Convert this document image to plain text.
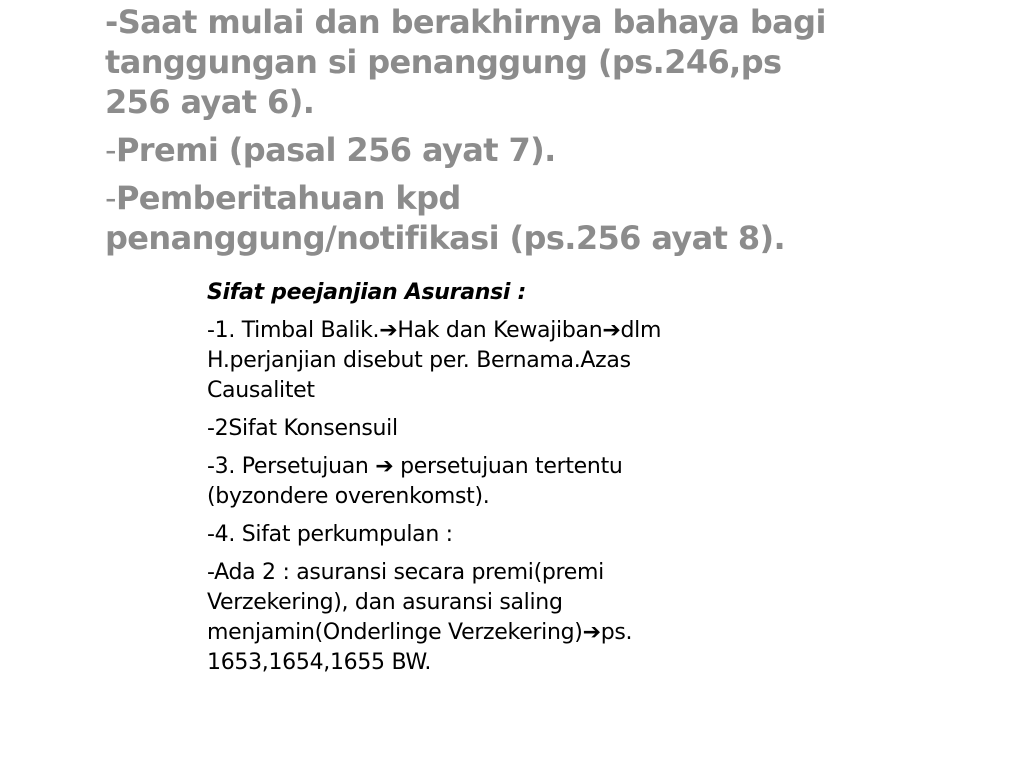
-Saat mulai dan berakhirnya bahaya bagi
tanggungan si penanggung (ps.246,ps
256 ayat 6).
-Premi (pasal 256 ayat 7).
-Pemberitahuan kpd
penanggung/notifikasi (ps.256 ayat 8).
Sifat peejanjian Asuransi :
-1. Timbal Balik.➔Hak dan Kewajiban➔dlm
H.perjanjian disebut per. Bernama.Azas
Causalitet
-2Sifat Konsensuil
-3. Persetujuan ➔ persetujuan tertentu
(byzondere overenkomst).
-4. Sifat perkumpulan :
-Ada 2 : asuransi secara premi(premi
Verzekering), dan asuransi saling
menjamin(Onderlinge Verzekering)➔ps.
1653,1654,1655 BW.
